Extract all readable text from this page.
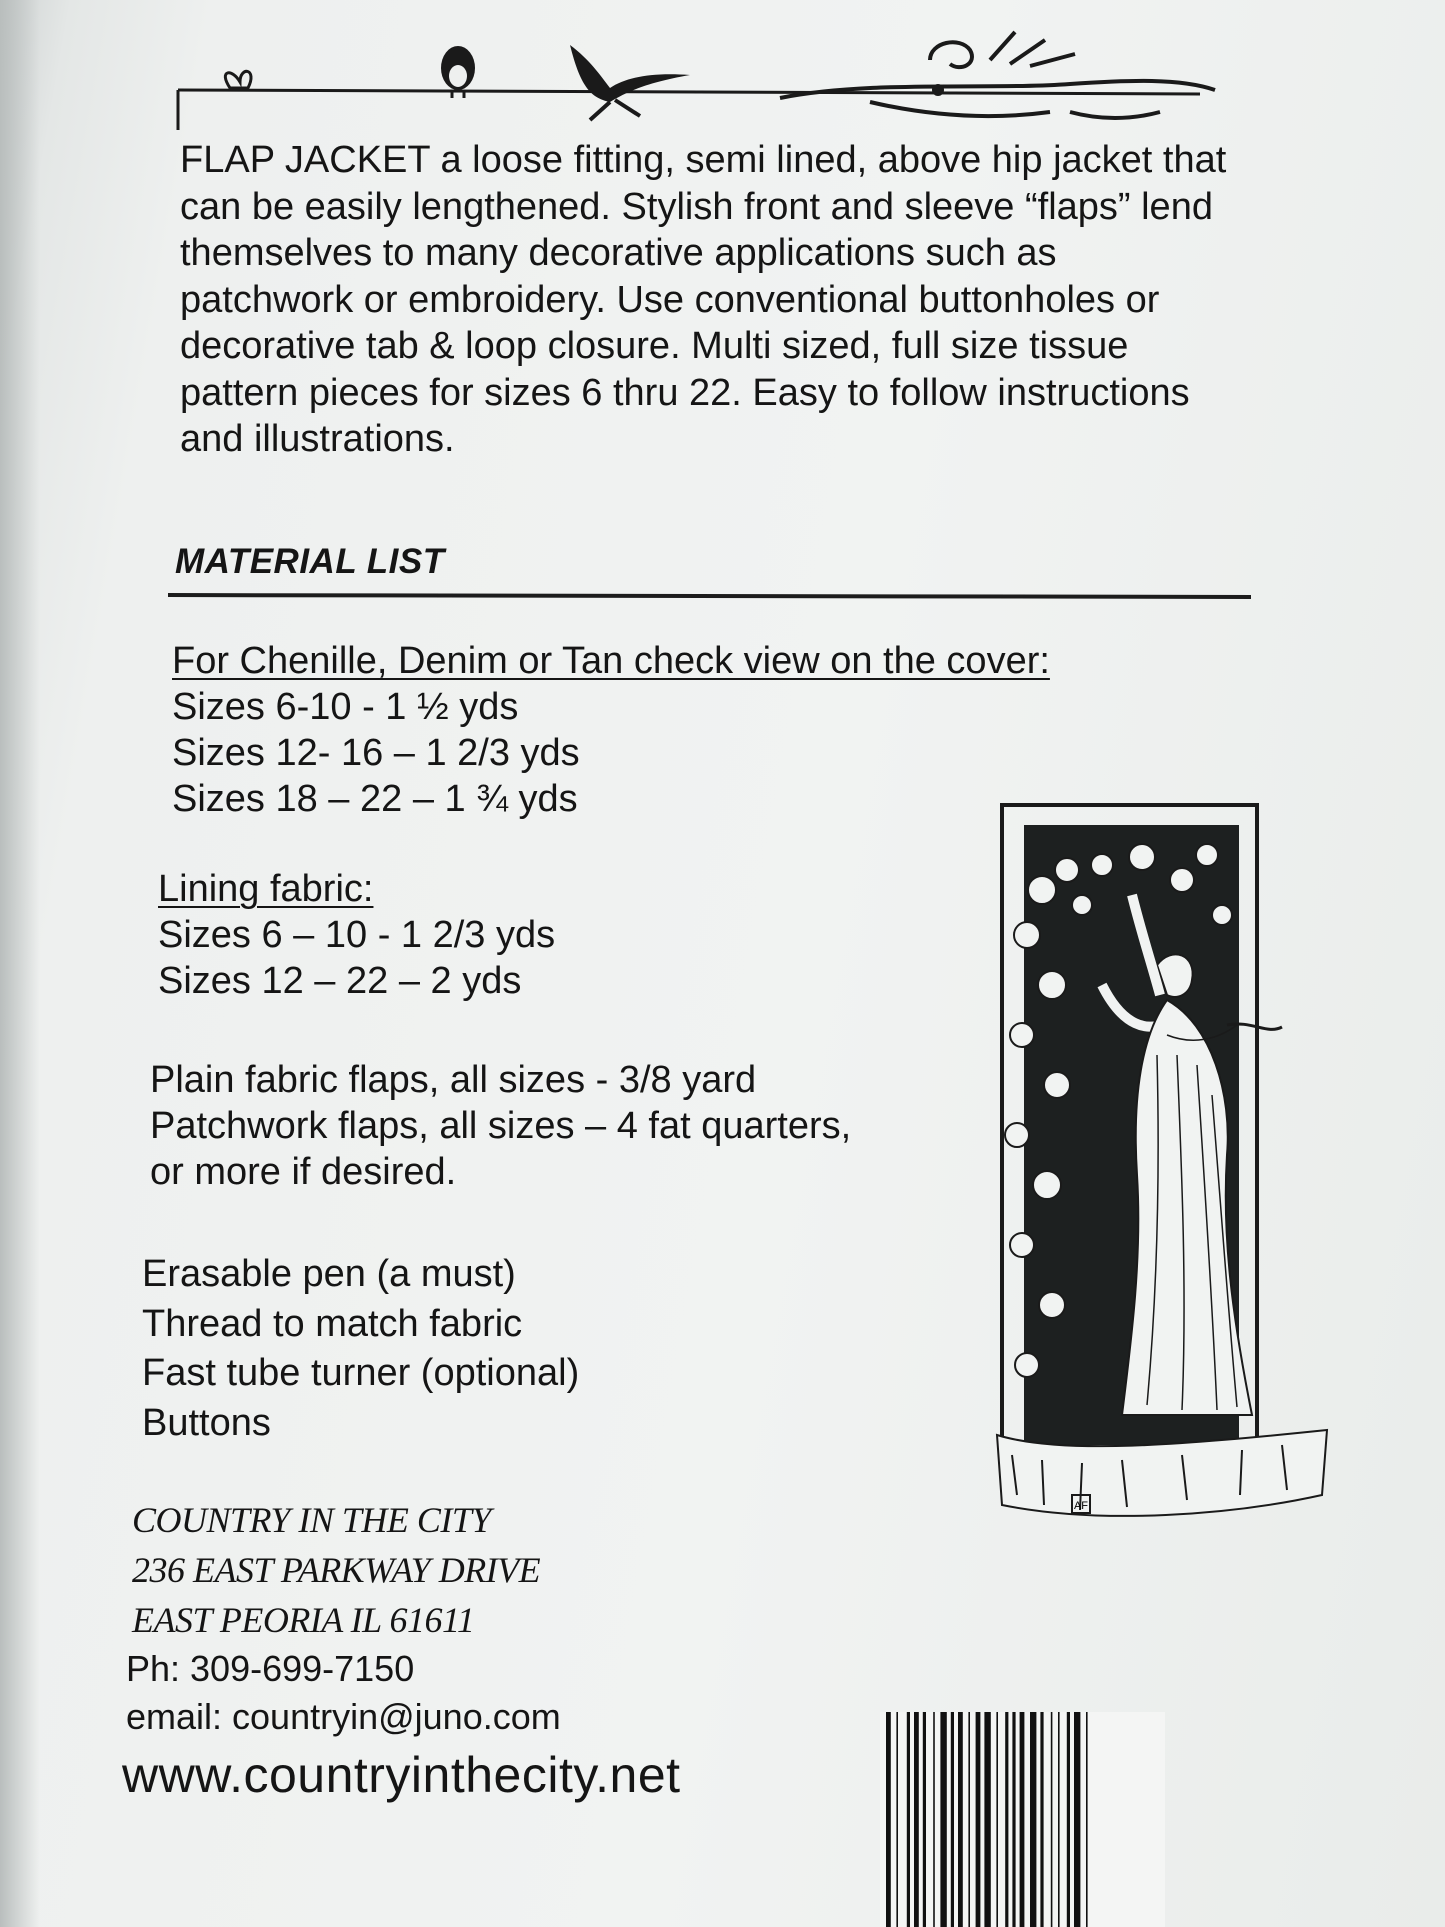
FLAP JACKET a loose fitting, semi lined, above hip jacket that can be easily lengthened. Stylish front and sleeve “flaps” lend themselves to many decorative applications such as patchwork or embroidery. Use conventional buttonholes or decorative tab & loop closure. Multi sized, full size tissue pattern pieces for sizes 6 thru 22. Easy to follow instructions and illustrations.

MATERIAL LIST
For Chenille, Denim or Tan check view on the cover:
Sizes 6-10 - 1 ½ yds
Sizes 12- 16 – 1 2/3 yds
Sizes 18 – 22 – 1 ¾ yds
Lining fabric:
Sizes 6 – 10 - 1 2/3 yds
Sizes 12 – 22 – 2 yds
Plain fabric flaps, all sizes - 3/8 yard
Patchwork flaps, all sizes – 4 fat quarters,
or more if desired.
Erasable pen (a must)
Thread to match fabric
Fast tube turner (optional)
Buttons
COUNTRY IN THE CITY
236 EAST PARKWAY DRIVE
EAST PEORIA IL 61611
Ph: 309-699-7150
email: countryin@juno.com
www.countryinthecity.net
AF
